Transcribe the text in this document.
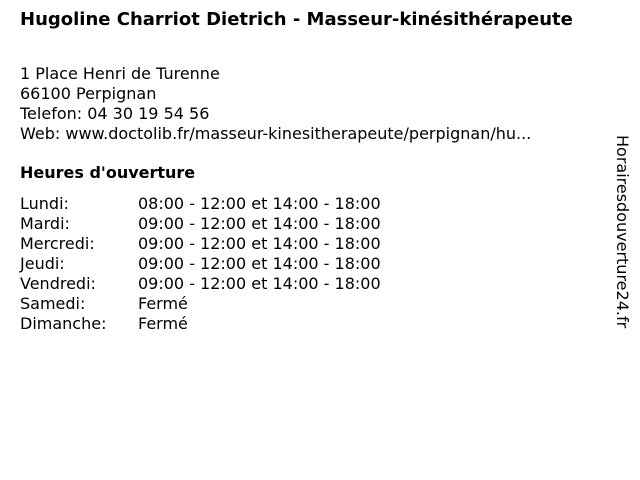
Hugoline Charriot Dietrich - Masseur-kinésithérapeute
1 Place Henri de Turenne
66100 Perpignan
Telefon: 04 30 19 54 56
Web: www.doctolib.fr/masseur-kinesitherapeute/perpignan/hu...
Heures d'ouverture
Lundi:	08:00 - 12:00 et 14:00 - 18:00
Mardi:	09:00 - 12:00 et 14:00 - 18:00
Mercredi:	09:00 - 12:00 et 14:00 - 18:00
Jeudi:	09:00 - 12:00 et 14:00 - 18:00
Vendredi:	09:00 - 12:00 et 14:00 - 18:00
Samedi:	Fermé
Dimanche:	Fermé	Horairesdouverture24.fr
